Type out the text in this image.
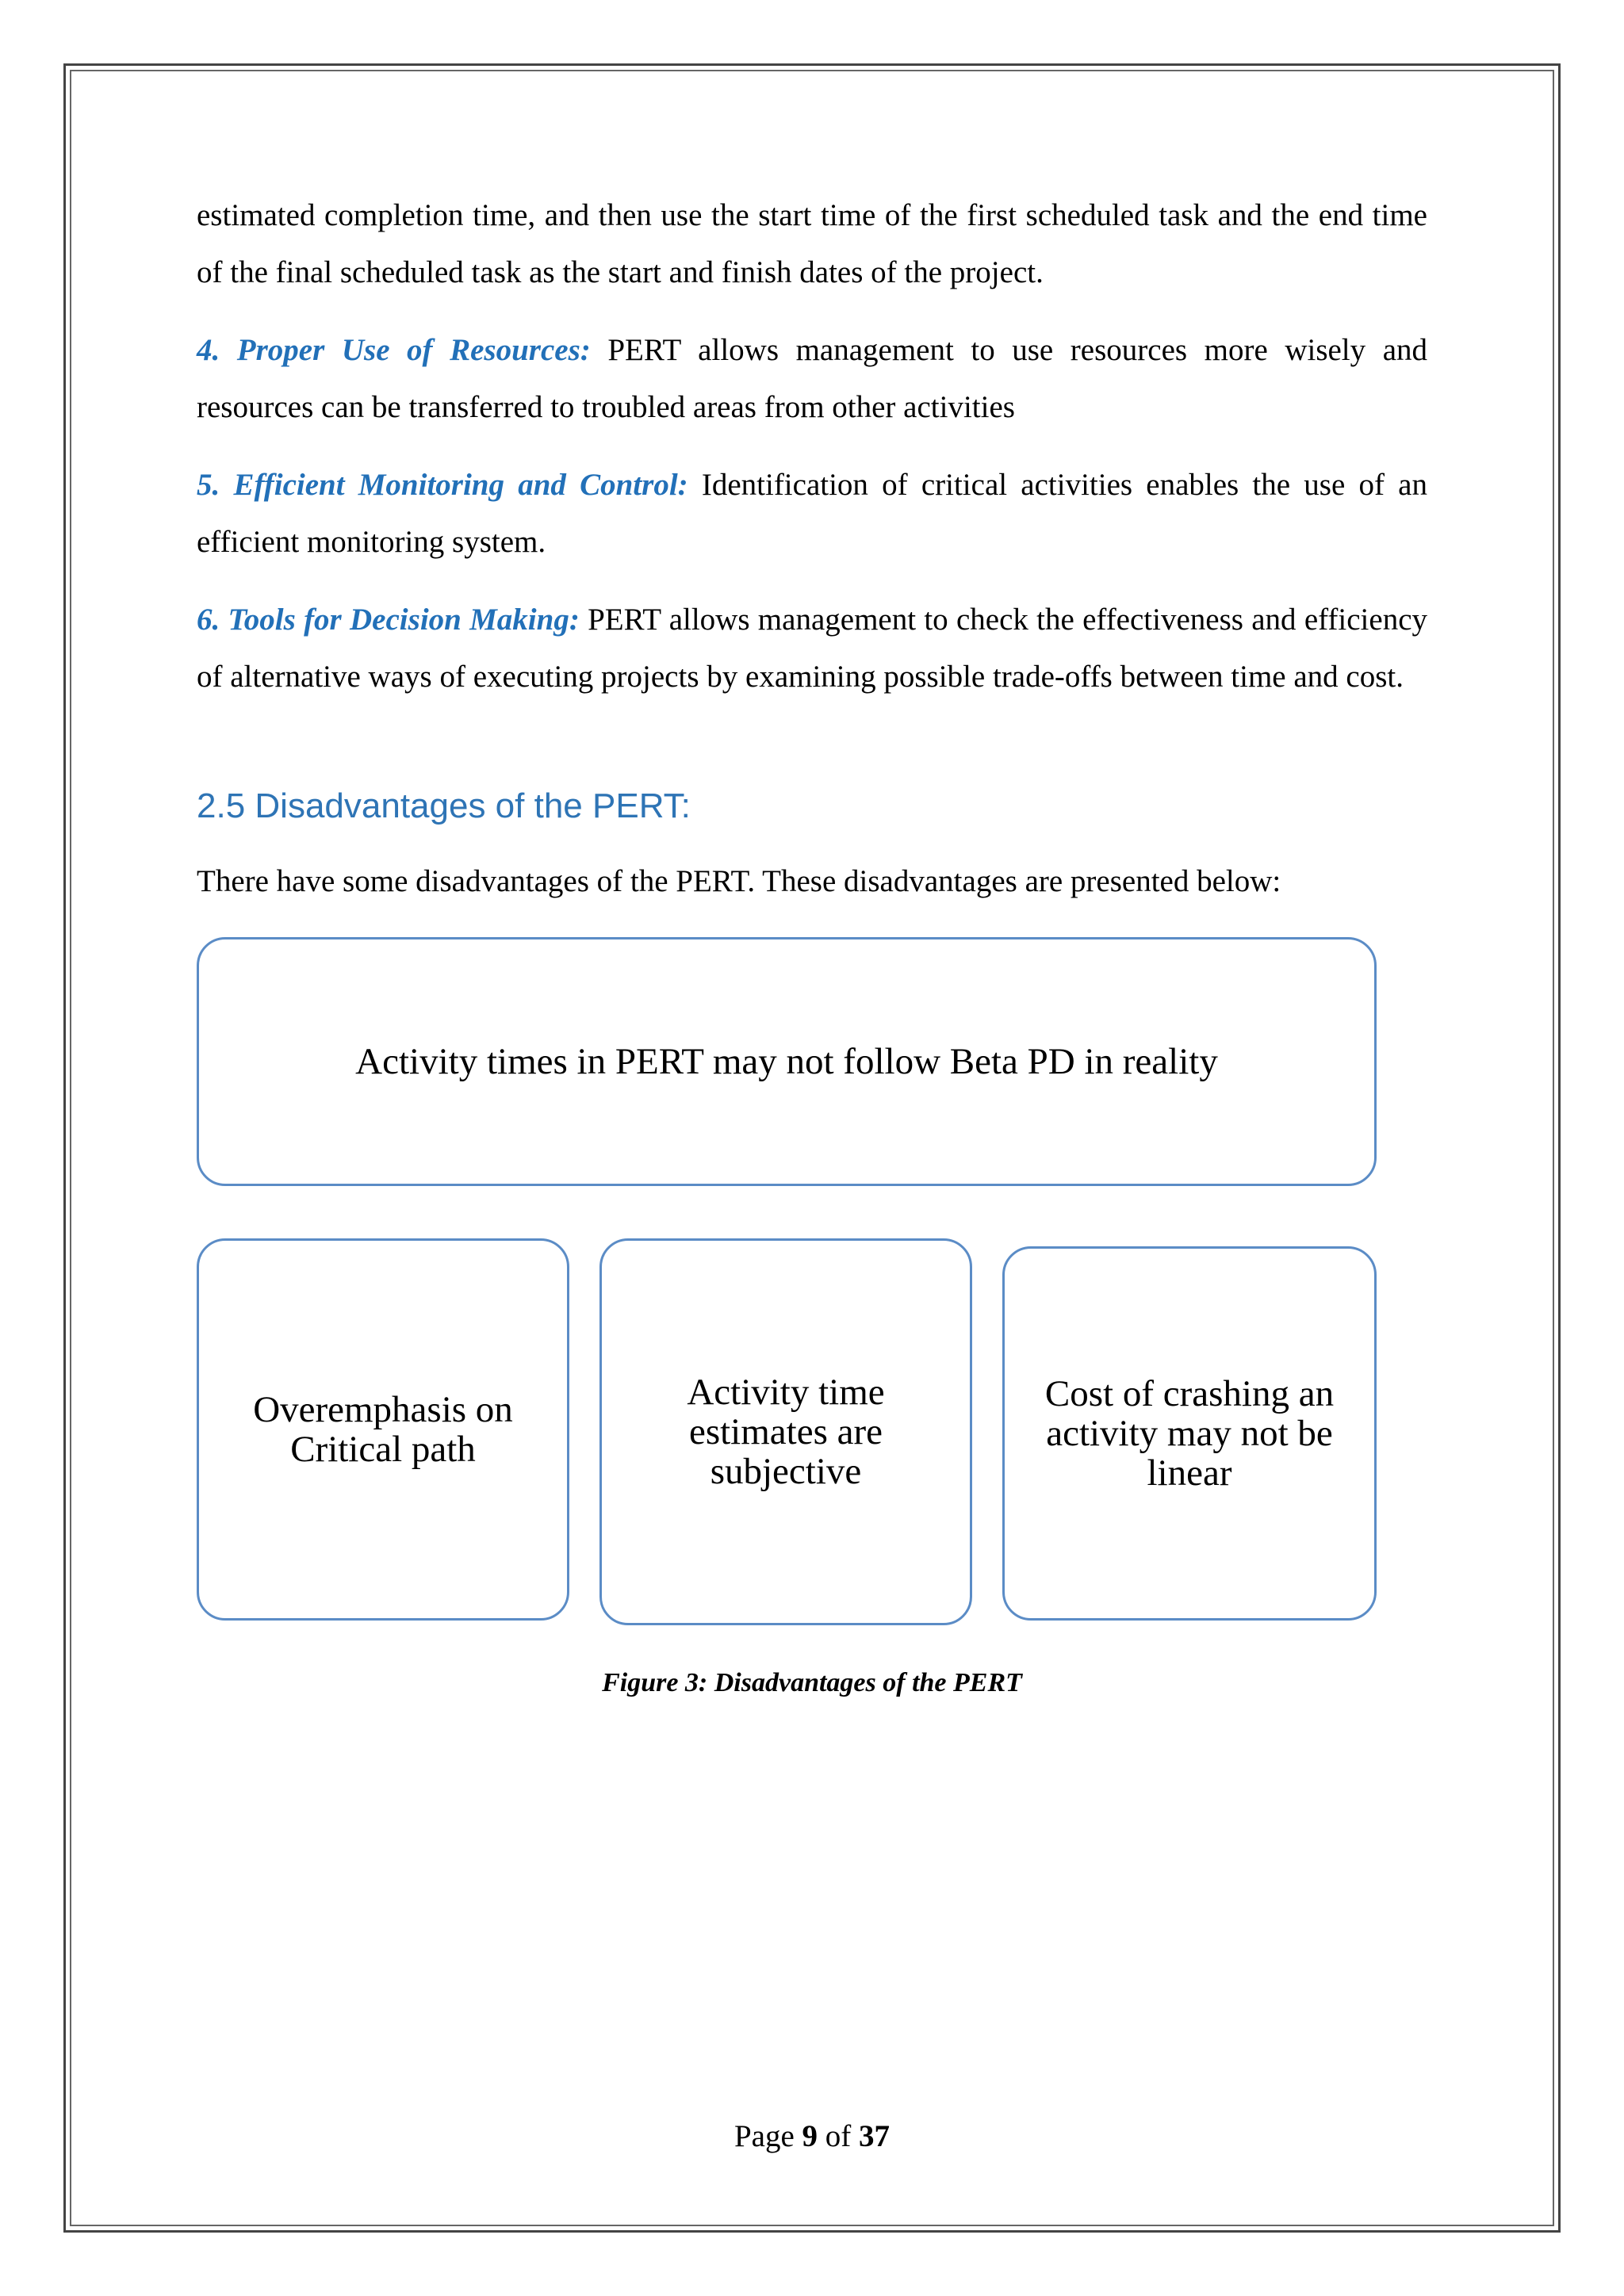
estimated completion time, and then use the start time of the first scheduled task and the end time of the final scheduled task as the start and finish dates of the project.

4. Proper Use of Resources: PERT allows management to use resources more wisely and resources can be transferred to troubled areas from other activities

5. Efficient Monitoring and Control: Identification of critical activities enables the use of an efficient monitoring system.

6. Tools for Decision Making: PERT allows management to check the effectiveness and efficiency of alternative ways of executing projects by examining possible trade-offs between time and cost.

2.5 Disadvantages of the PERT:

There have some disadvantages of the PERT. These disadvantages are presented below:

Activity times in PERT may not follow Beta PD in reality
Overemphasis on
Critical path
Activity time
estimates are
subjective
Cost of crashing an
activity may not be
linear

Figure 3: Disadvantages of the PERT

Page 9 of 37
